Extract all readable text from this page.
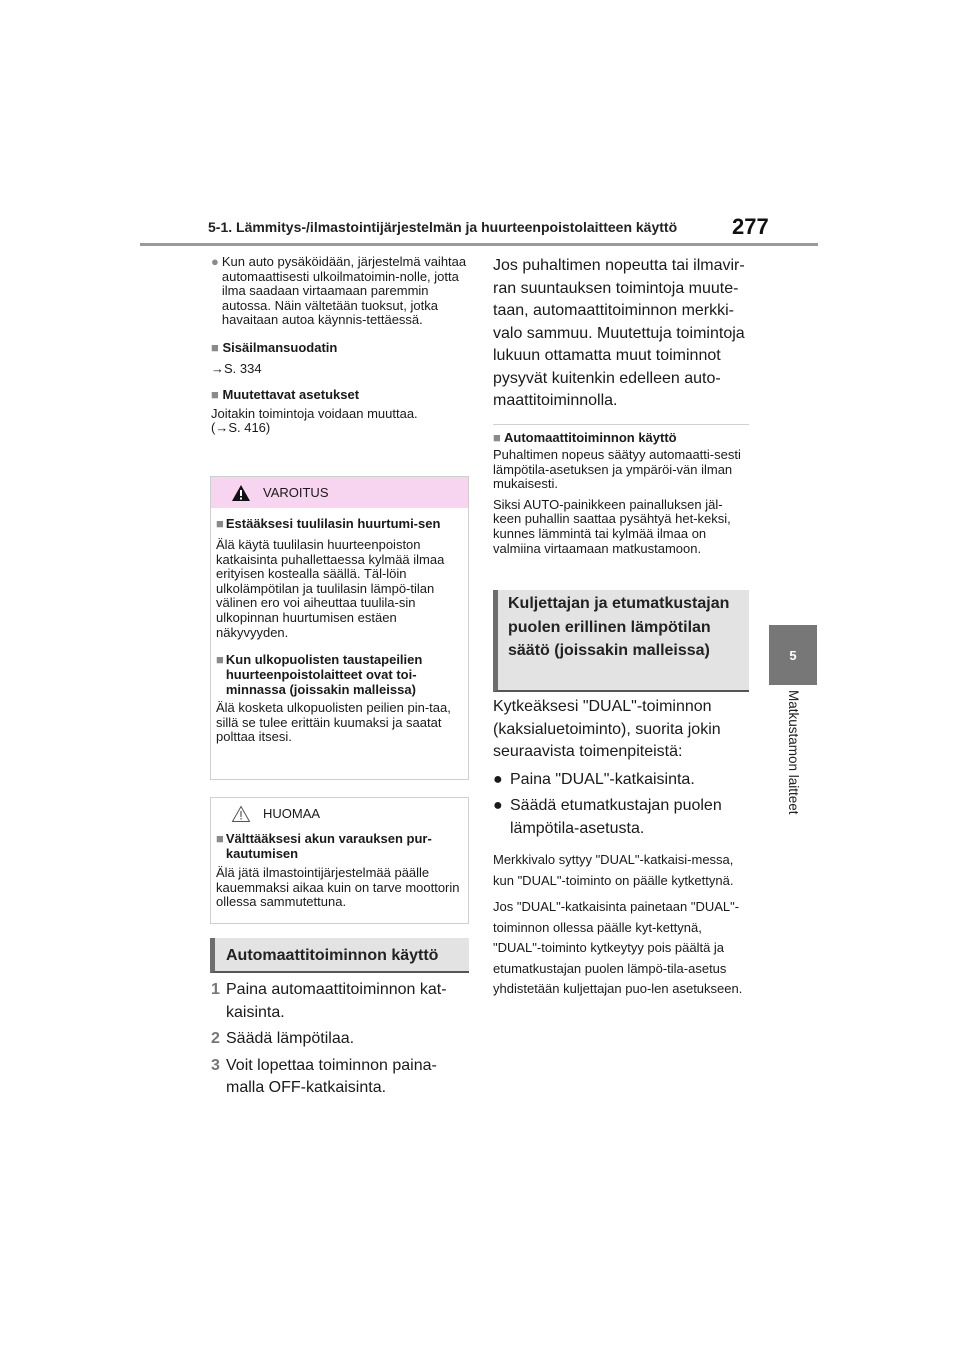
5-1. Lämmitys-/ilmastointijärjestelmän ja huurteenpoistolaitteen käyttö 277
5
Matkustamon laitteet
● Kun auto pysäköidään, järjestelmä vaihtaa automaattisesti ulkoilmatoimin-nolle, jotta ilma saadaan virtaamaan paremmin autossa. Näin vältetään tuoksut, jotka havaitaan autoa käynnis-tettäessä.

■ Sisäilmansuodatin

→S. 334

■ Muutettavat asetukset

Joitakin toimintoja voidaan muuttaa.

(→S. 416)

VAROITUS
■ Estääksesi tuulilasin huurtumi-sen

Älä käytä tuulilasin huurteenpoiston katkaisinta puhallettaessa kylmää ilmaa erityisen kostealla säällä. Täl-löin ulkolämpötilan ja tuulilasin lämpö-tilan välinen ero voi aiheuttaa tuulila-sin ulkopinnan huurtumisen estäen näkyvyyden.

■ Kun ulkopuolisten taustapeilien huurteenpoistolaitteet ovat toi-minnassa (joissakin malleissa)

Älä kosketa ulkopuolisten peilien pin-taa, sillä se tulee erittäin kuumaksi ja saatat polttaa itsesi.

HUOMAA
■ Välttääksesi akun varauksen pur-kautumisen

Älä jätä ilmastointijärjestelmää päälle kauemmaksi aikaa kuin on tarve moottorin ollessa sammutettuna.

Automaattitoiminnon käyttö
1 Paina automaattitoiminnon kat-kaisinta.

2 Säädä lämpötilaa.

3 Voit lopettaa toiminnon paina-malla OFF-katkaisinta.

Jos puhaltimen nopeutta tai ilmavir-ran suuntauksen toimintoja muute-taan, automaattitoiminnon merkki-valo sammuu. Muutettuja toimintoja lukuun ottamatta muut toiminnot pysyvät kuitenkin edelleen auto-maattitoiminnolla.

■ Automaattitoiminnon käyttö

Puhaltimen nopeus säätyy automaatti-sesti lämpötila-asetuksen ja ympäröi-vän ilman mukaisesti.

Siksi AUTO-painikkeen painalluksen jäl-keen puhallin saattaa pysähtyä het-keksi, kunnes lämmintä tai kylmää ilmaa on valmiina virtaamaan matkustamoon.

Kuljettajan ja etumatkustajan puolen erillinen lämpötilan säätö (joissakin malleissa)

Kytkeäksesi "DUAL"-toiminnon (kaksialuetoiminto), suorita jokin seuraavista toimenpiteistä:

● Paina "DUAL"-katkaisinta.

● Säädä etumatkustajan puolen lämpötila-asetusta.

Merkkivalo syttyy "DUAL"-katkaisi-messa, kun "DUAL"-toiminto on päälle kytkettynä.

Jos "DUAL"-katkaisinta painetaan "DUAL"-toiminnon ollessa päälle kyt-kettynä, "DUAL"-toiminto kytkeytyy pois päältä ja etumatkustajan puolen lämpö-tila-asetus yhdistetään kuljettajan puo-len asetukseen.
